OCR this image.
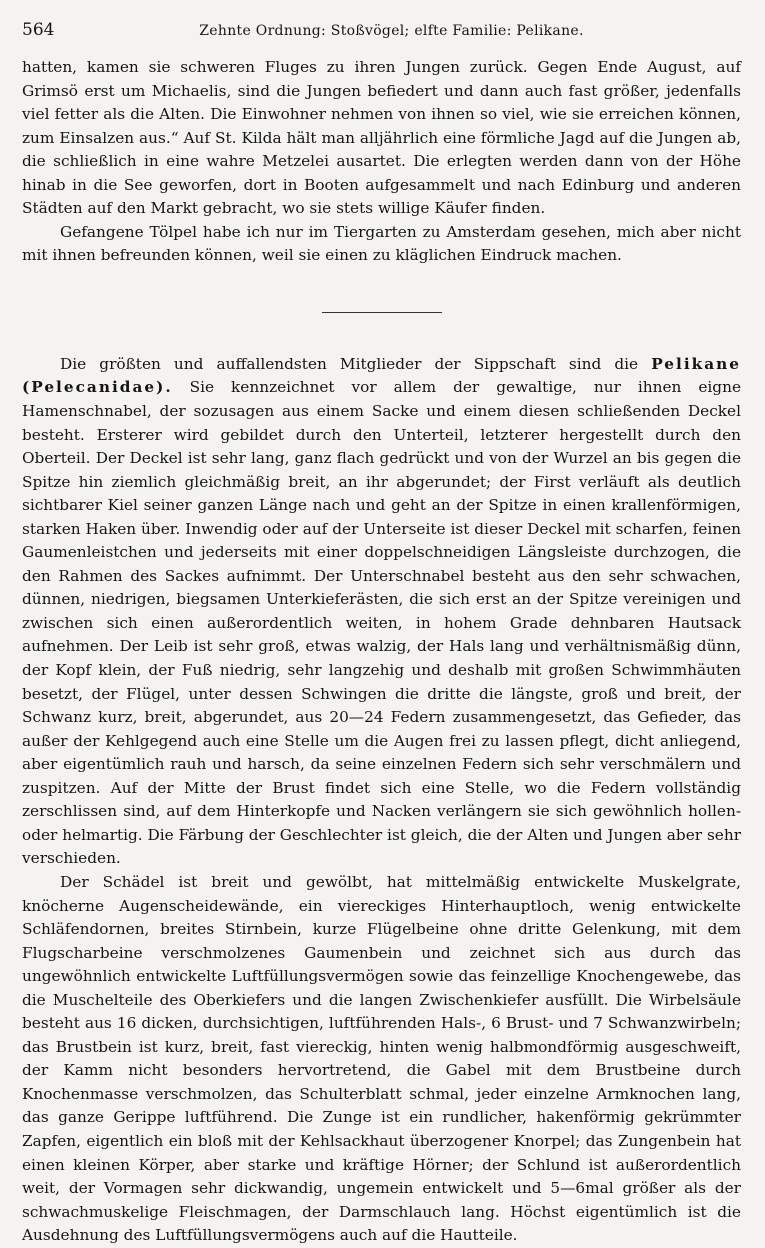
564	Zehnte Ordnung: Stoßvögel; elfte Familie: Pelikane.

hatten, kamen sie schweren Fluges zu ihren Jungen zurück. Gegen Ende August, auf Grimsö erst um Michaelis, sind die Jungen befiedert und dann auch fast größer, jedenfalls viel fetter als die Alten. Die Einwohner nehmen von ihnen so viel, wie sie erreichen können, zum Einsalzen aus.“ Auf St. Kilda hält man alljährlich eine förmliche Jagd auf die Jungen ab, die schließlich in eine wahre Metzelei ausartet. Die erlegten werden dann von der Höhe hinab in die See geworfen, dort in Booten aufgesammelt und nach Edinburg und anderen Städten auf den Markt gebracht, wo sie stets willige Käufer finden.

Gefangene Tölpel habe ich nur im Tiergarten zu Amsterdam gesehen, mich aber nicht mit ihnen befreunden können, weil sie einen zu kläglichen Eindruck machen.

Die größten und auffallendsten Mitglieder der Sippschaft sind die Pelikane (Pelecanidae). Sie kennzeichnet vor allem der gewaltige, nur ihnen eigne Hamenschnabel, der sozusagen aus einem Sacke und einem diesen schließenden Deckel besteht. Ersterer wird gebildet durch den Unterteil, letzterer hergestellt durch den Oberteil. Der Deckel ist sehr lang, ganz flach gedrückt und von der Wurzel an bis gegen die Spitze hin ziemlich gleichmäßig breit, an ihr abgerundet; der First verläuft als deutlich sichtbarer Kiel seiner ganzen Länge nach und geht an der Spitze in einen krallenförmigen, starken Haken über. Inwendig oder auf der Unterseite ist dieser Deckel mit scharfen, feinen Gaumenleistchen und jederseits mit einer doppelschneidigen Längsleiste durchzogen, die den Rahmen des Sackes aufnimmt. Der Unterschnabel besteht aus den sehr schwachen, dünnen, niedrigen, biegsamen Unterkieferästen, die sich erst an der Spitze vereinigen und zwischen sich einen außerordentlich weiten, in hohem Grade dehnbaren Hautsack aufnehmen. Der Leib ist sehr groß, etwas walzig, der Hals lang und verhältnismäßig dünn, der Kopf klein, der Fuß niedrig, sehr langzehig und deshalb mit großen Schwimmhäuten besetzt, der Flügel, unter dessen Schwingen die dritte die längste, groß und breit, der Schwanz kurz, breit, abgerundet, aus 20—24 Federn zusammengesetzt, das Gefieder, das außer der Kehlgegend auch eine Stelle um die Augen frei zu lassen pflegt, dicht anliegend, aber eigentümlich rauh und harsch, da seine einzelnen Federn sich sehr verschmälern und zuspitzen. Auf der Mitte der Brust findet sich eine Stelle, wo die Federn vollständig zerschlissen sind, auf dem Hinterkopfe und Nacken verlängern sie sich gewöhnlich hollen- oder helmartig. Die Färbung der Geschlechter ist gleich, die der Alten und Jungen aber sehr verschieden.

Der Schädel ist breit und gewölbt, hat mittelmäßig entwickelte Muskelgrate, knöcherne Augenscheidewände, ein viereckiges Hinterhauptloch, wenig entwickelte Schläfendornen, breites Stirnbein, kurze Flügelbeine ohne dritte Gelenkung, mit dem Flugscharbeine verschmolzenes Gaumenbein und zeichnet sich aus durch das ungewöhnlich entwickelte Luftfüllungsvermögen sowie das feinzellige Knochengewebe, das die Muschelteile des Oberkiefers und die langen Zwischenkiefer ausfüllt. Die Wirbelsäule besteht aus 16 dicken, durchsichtigen, luftführenden Hals-, 6 Brust- und 7 Schwanzwirbeln; das Brustbein ist kurz, breit, fast viereckig, hinten wenig halbmondförmig ausgeschweift, der Kamm nicht besonders hervortretend, die Gabel mit dem Brustbeine durch Knochenmasse verschmolzen, das Schulterblatt schmal, jeder einzelne Armknochen lang, das ganze Gerippe luftführend. Die Zunge ist ein rundlicher, hakenförmig gekrümmter Zapfen, eigentlich ein bloß mit der Kehlsackhaut überzogener Knorpel; das Zungenbein hat einen kleinen Körper, aber starke und kräftige Hörner; der Schlund ist außerordentlich weit, der Vormagen sehr dickwandig, ungemein entwickelt und 5—6mal größer als der schwachmuskelige Fleischmagen, der Darmschlauch lang. Höchst eigentümlich ist die Ausdehnung des Luftfüllungsvermögens auch auf die Hautteile.
